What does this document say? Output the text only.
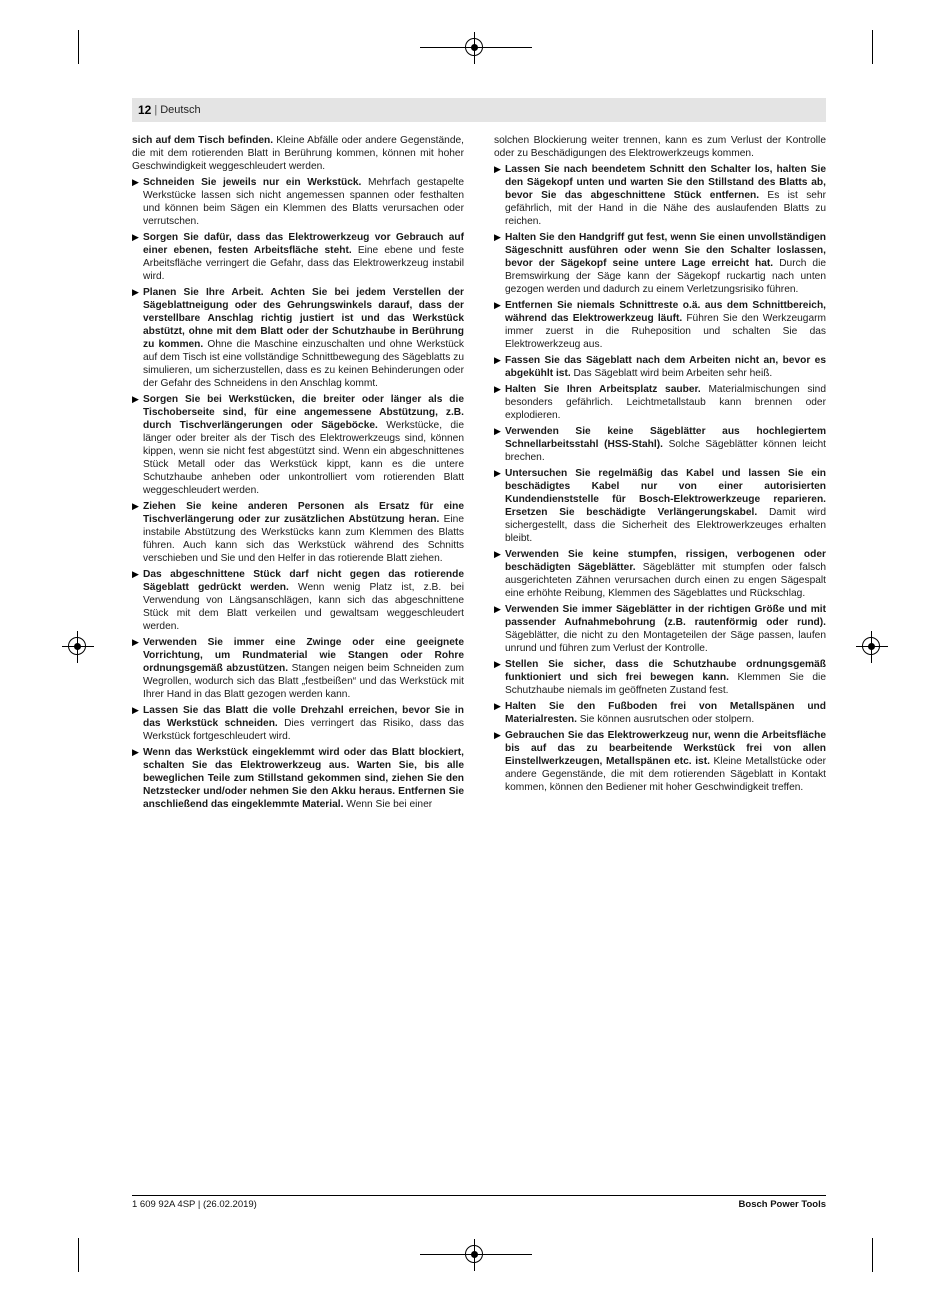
12 | Deutsch

sich auf dem Tisch befinden. Kleine Abfälle oder andere Gegenstände, die mit dem rotierenden Blatt in Berührung kommen, können mit hoher Geschwindigkeit weggeschleudert werden.

▶ Schneiden Sie jeweils nur ein Werkstück. Mehrfach gestapelte Werkstücke lassen sich nicht angemessen spannen oder festhalten und können beim Sägen ein Klemmen des Blatts verursachen oder verrutschen.

▶ Sorgen Sie dafür, dass das Elektrowerkzeug vor Gebrauch auf einer ebenen, festen Arbeitsfläche steht. Eine ebene und feste Arbeitsfläche verringert die Gefahr, dass das Elektrowerkzeug instabil wird.

▶ Planen Sie Ihre Arbeit. Achten Sie bei jedem Verstellen der Sägeblattneigung oder des Gehrungswinkels darauf, dass der verstellbare Anschlag richtig justiert ist und das Werkstück abstützt, ohne mit dem Blatt oder der Schutzhaube in Berührung zu kommen. Ohne die Maschine einzuschalten und ohne Werkstück auf dem Tisch ist eine vollständige Schnittbewegung des Sägeblatts zu simulieren, um sicherzustellen, dass es zu keinen Behinderungen oder der Gefahr des Schneidens in den Anschlag kommt.

▶ Sorgen Sie bei Werkstücken, die breiter oder länger als die Tischoberseite sind, für eine angemessene Abstützung, z.B. durch Tischverlängerungen oder Sägeböcke. Werkstücke, die länger oder breiter als der Tisch des Elektrowerkzeugs sind, können kippen, wenn sie nicht fest abgestützt sind. Wenn ein abgeschnittenes Stück Metall oder das Werkstück kippt, kann es die untere Schutzhaube anheben oder unkontrolliert vom rotierenden Blatt weggeschleudert werden.

▶ Ziehen Sie keine anderen Personen als Ersatz für eine Tischverlängerung oder zur zusätzlichen Abstützung heran. Eine instabile Abstützung des Werkstücks kann zum Klemmen des Blatts führen. Auch kann sich das Werkstück während des Schnitts verschieben und Sie und den Helfer in das rotierende Blatt ziehen.

▶ Das abgeschnittene Stück darf nicht gegen das rotierende Sägeblatt gedrückt werden. Wenn wenig Platz ist, z.B. bei Verwendung von Längsanschlägen, kann sich das abgeschnittene Stück mit dem Blatt verkeilen und gewaltsam weggeschleudert werden.

▶ Verwenden Sie immer eine Zwinge oder eine geeignete Vorrichtung, um Rundmaterial wie Stangen oder Rohre ordnungsgemäß abzustützen. Stangen neigen beim Schneiden zum Wegrollen, wodurch sich das Blatt „festbeißen“ und das Werkstück mit Ihrer Hand in das Blatt gezogen werden kann.

▶ Lassen Sie das Blatt die volle Drehzahl erreichen, bevor Sie in das Werkstück schneiden. Dies verringert das Risiko, dass das Werkstück fortgeschleudert wird.

▶ Wenn das Werkstück eingeklemmt wird oder das Blatt blockiert, schalten Sie das Elektrowerkzeug aus. Warten Sie, bis alle beweglichen Teile zum Stillstand gekommen sind, ziehen Sie den Netzstecker und/oder nehmen Sie den Akku heraus. Entfernen Sie anschließend das eingeklemmte Material. Wenn Sie bei einer

solchen Blockierung weiter trennen, kann es zum Verlust der Kontrolle oder zu Beschädigungen des Elektrowerkzeugs kommen.

▶ Lassen Sie nach beendetem Schnitt den Schalter los, halten Sie den Sägekopf unten und warten Sie den Stillstand des Blatts ab, bevor Sie das abgeschnittene Stück entfernen. Es ist sehr gefährlich, mit der Hand in die Nähe des auslaufenden Blatts zu reichen.

▶ Halten Sie den Handgriff gut fest, wenn Sie einen unvollständigen Sägeschnitt ausführen oder wenn Sie den Schalter loslassen, bevor der Sägekopf seine untere Lage erreicht hat. Durch die Bremswirkung der Säge kann der Sägekopf ruckartig nach unten gezogen werden und dadurch zu einem Verletzungsrisiko führen.

▶ Entfernen Sie niemals Schnittreste o.ä. aus dem Schnittbereich, während das Elektrowerkzeug läuft. Führen Sie den Werkzeugarm immer zuerst in die Ruheposition und schalten Sie das Elektrowerkzeug aus.

▶ Fassen Sie das Sägeblatt nach dem Arbeiten nicht an, bevor es abgekühlt ist. Das Sägeblatt wird beim Arbeiten sehr heiß.

▶ Halten Sie Ihren Arbeitsplatz sauber. Materialmischungen sind besonders gefährlich. Leichtmetallstaub kann brennen oder explodieren.

▶ Verwenden Sie keine Sägeblätter aus hochlegiertem Schnellarbeitsstahl (HSS-Stahl). Solche Sägeblätter können leicht brechen.

▶ Untersuchen Sie regelmäßig das Kabel und lassen Sie ein beschädigtes Kabel nur von einer autorisierten Kundendienststelle für Bosch-Elektrowerkzeuge reparieren. Ersetzen Sie beschädigte Verlängerungskabel. Damit wird sichergestellt, dass die Sicherheit des Elektrowerkzeuges erhalten bleibt.

▶ Verwenden Sie keine stumpfen, rissigen, verbogenen oder beschädigten Sägeblätter. Sägeblätter mit stumpfen oder falsch ausgerichteten Zähnen verursachen durch einen zu engen Sägespalt eine erhöhte Reibung, Klemmen des Sägeblattes und Rückschlag.

▶ Verwenden Sie immer Sägeblätter in der richtigen Größe und mit passender Aufnahmebohrung (z.B. rautenförmig oder rund). Sägeblätter, die nicht zu den Montageteilen der Säge passen, laufen unrund und führen zum Verlust der Kontrolle.

▶ Stellen Sie sicher, dass die Schutzhaube ordnungsgemäß funktioniert und sich frei bewegen kann. Klemmen Sie die Schutzhaube niemals im geöffneten Zustand fest.

▶ Halten Sie den Fußboden frei von Metallspänen und Materialresten. Sie können ausrutschen oder stolpern.

▶ Gebrauchen Sie das Elektrowerkzeug nur, wenn die Arbeitsfläche bis auf das zu bearbeitende Werkstück frei von allen Einstellwerkzeugen, Metallspänen etc. ist. Kleine Metallstücke oder andere Gegenstände, die mit dem rotierenden Sägeblatt in Kontakt kommen, können den Bediener mit hoher Geschwindigkeit treffen.

1 609 92A 4SP | (26.02.2019)	Bosch Power Tools
